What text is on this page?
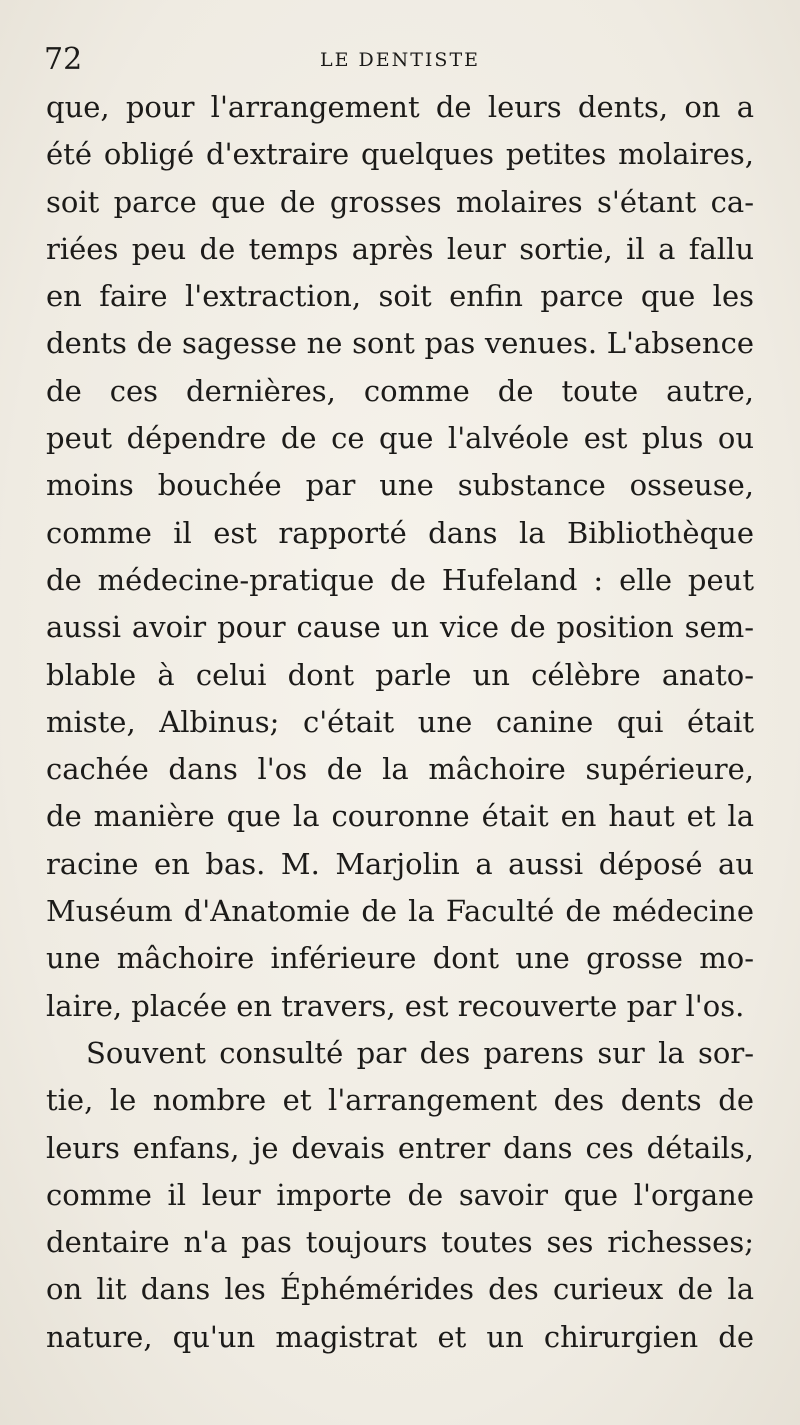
72	LE DENTISTE
que, pour l'arrangement de leurs dents, on a
été obligé d'extraire quelques petites molaires,
soit parce que de grosses molaires s'étant ca-
riées peu de temps après leur sortie, il a fallu
en faire l'extraction, soit enfin parce que les
dents de sagesse ne sont pas venues. L'absence
de ces dernières, comme de toute autre,
peut dépendre de ce que l'alvéole est plus ou
moins bouchée par une substance osseuse,
comme il est rapporté dans la Bibliothèque
de médecine-pratique de Hufeland : elle peut
aussi avoir pour cause un vice de position sem-
blable à celui dont parle un célèbre anato-
miste, Albinus; c'était une canine qui était
cachée dans l'os de la mâchoire supérieure,
de manière que la couronne était en haut et la
racine en bas. M. Marjolin a aussi déposé au
Muséum d'Anatomie de la Faculté de médecine
une mâchoire inférieure dont une grosse mo-
laire, placée en travers, est recouverte par l'os.
Souvent consulté par des parens sur la sor-
tie, le nombre et l'arrangement des dents de
leurs enfans, je devais entrer dans ces détails,
comme il leur importe de savoir que l'organe
dentaire n'a pas toujours toutes ses richesses;
on lit dans les Éphémérides des curieux de la
nature, qu'un magistrat et un chirurgien de
